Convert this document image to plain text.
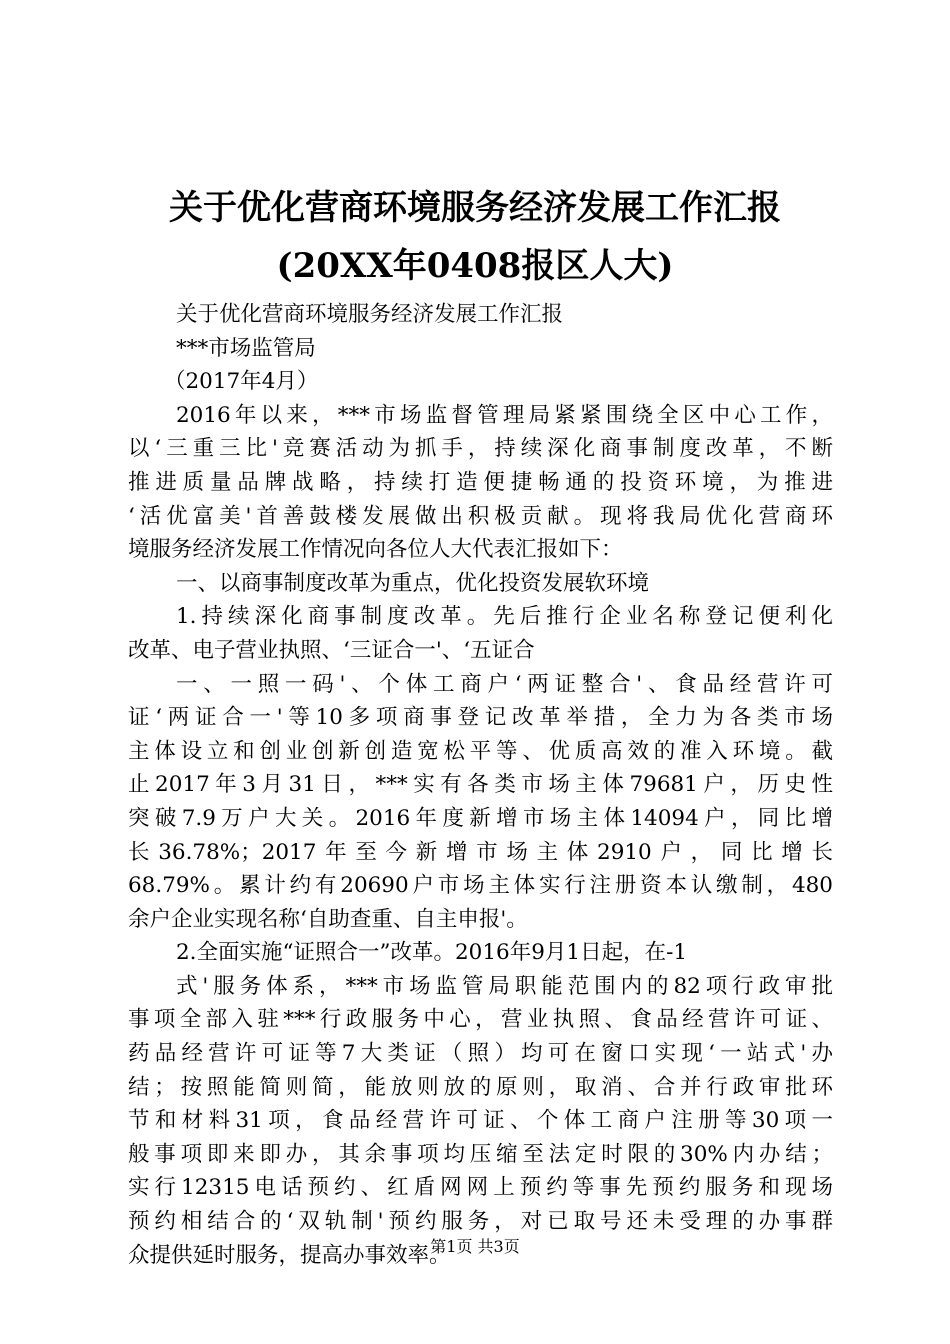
关于优化营商环境服务经济发展工作汇报
(20XX年0408报区人大)
关于优化营商环境服务经济发展工作汇报
***市场监管局
（2017年4月）
2016年以来，***市场监督管理局紧紧围绕全区中心工作，
以‘三重三比'竞赛活动为抓手，持续深化商事制度改革，不断
推进质量品牌战略，持续打造便捷畅通的投资环境，为推进
‘活优富美'首善鼓楼发展做出积极贡献。现将我局优化营商环
境服务经济发展工作情况向各位人大代表汇报如下：
一、以商事制度改革为重点，优化投资发展软环境
1.持续深化商事制度改革。先后推行企业名称登记便利化
改革、电子营业执照、‘三证合一'、‘五证合
一、一照一码'、个体工商户‘两证整合'、食品经营许可
证‘两证合一'等10多项商事登记改革举措，全力为各类市场
主体设立和创业创新创造宽松平等、优质高效的准入环境。截
止2017年3月31日，***实有各类市场主体79681户，历史性
突破7.9万户大关。2016年度新增市场主体14094户，同比增
长36.78%；2017年至今新增市场主体2910户，同比增长
68.79%。累计约有20690户市场主体实行注册资本认缴制，480
余户企业实现名称‘自助查重、自主申报'。
2.全面实施“证照合一”改革。2016年9月1日起，在-1
式'服务体系，***市场监管局职能范围内的82项行政审批
事项全部入驻***行政服务中心，营业执照、食品经营许可证、
药品经营许可证等7大类证（照）均可在窗口实现‘一站式'办
结；按照能简则简，能放则放的原则，取消、合并行政审批环
节和材料31项，食品经营许可证、个体工商户注册等30项一
般事项即来即办，其余事项均压缩至法定时限的30%内办结；
实行12315电话预约、红盾网网上预约等事先预约服务和现场
预约相结合的‘双轨制'预约服务，对已取号还未受理的办事群
众提供延时服务，提高办事效率。
第1页 共3页
